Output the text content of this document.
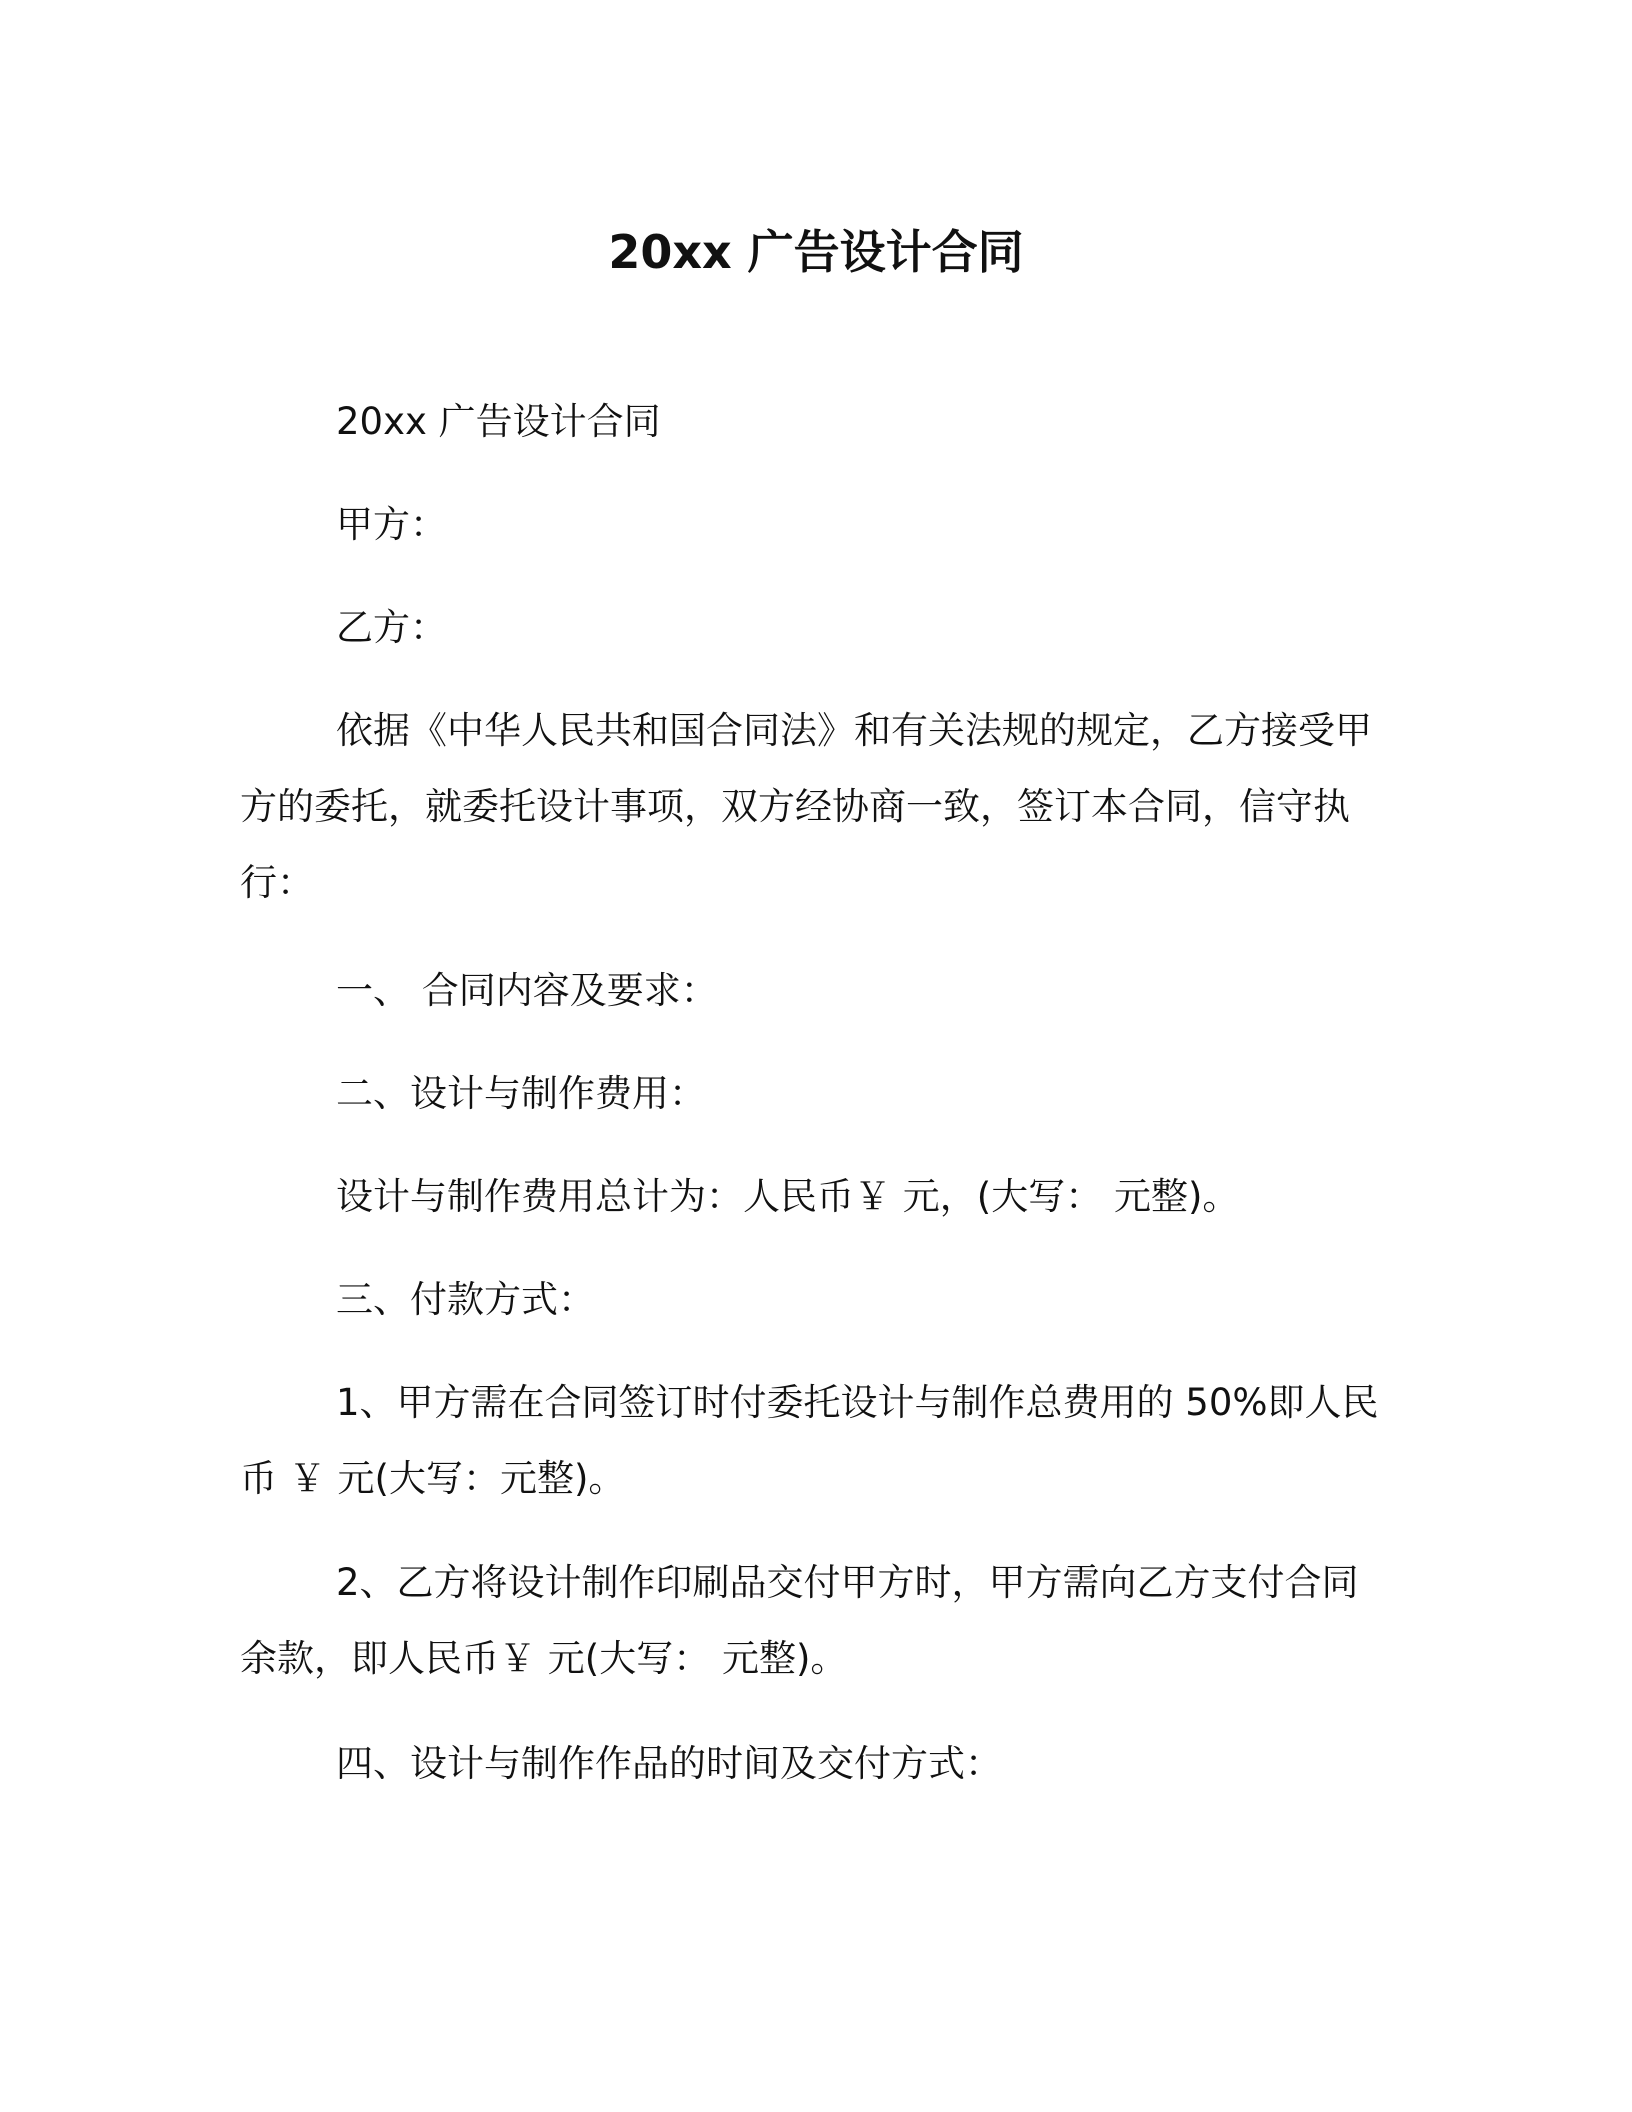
20xx 广告设计合同
20xx 广告设计合同
甲方：
乙方：
依据《中华人民共和国合同法》和有关法规的规定，乙方接受甲
方的委托，就委托设计事项，双方经协商一致，签订本合同，信守执
行：
一、 合同内容及要求：
二、设计与制作费用：
设计与制作费用总计为：人民币￥ 元，(大写： 元整)。
三、付款方式：
1、甲方需在合同签订时付委托设计与制作总费用的 50%即人民
币 ￥ 元(大写：元整)。
2、乙方将设计制作印刷品交付甲方时，甲方需向乙方支付合同
余款，即人民币￥ 元(大写： 元整)。
四、设计与制作作品的时间及交付方式：
